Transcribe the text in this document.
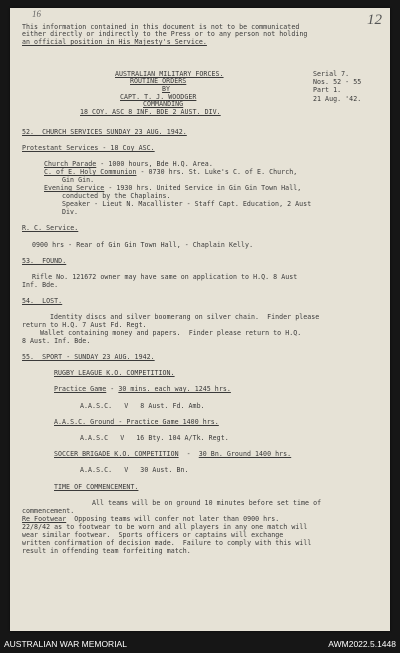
16	12
This information contained in this document is not to be communicated
either directly or indirectly to the Press or to any person not holding
an official position in His Majesty's Service.
AUSTRALIAN MILITARY FORCES.
ROUTINE ORDERS
BY
CAPT. T. J. WOODGER
COMMANDING
18 COY. ASC 8 INF. BDE 2 AUST. DIV.
Serial 7.
Nos. 52 - 55
Part 1.
21 Aug. '42.
52.  CHURCH SERVICES SUNDAY 23 AUG. 1942.
Protestant Services - 18 Coy ASC.
Church Parade - 1000 hours, Bde H.Q. Area.
C. of E. Holy Communion - 0730 hrs. St. Luke's C. of E. Church,
Gin Gin.
Evening Service - 1930 hrs. United Service in Gin Gin Town Hall,
conducted by the Chaplains.
Speaker - Lieut N. Macallister - Staff Capt. Education, 2 Aust
Div.
R. C. Service.
0900 hrs - Rear of Gin Gin Town Hall, - Chaplain Kelly.
53.  FOUND.
Rifle No. 121672 owner may have same on application to H.Q. 8 Aust
Inf. Bde.
54.  LOST.
Identity discs and silver boomerang on silver chain.  Finder please
return to H.Q. 7 Aust Fd. Regt.
Wallet containing money and papers.  Finder please return to H.Q.
8 Aust. Inf. Bde.
55.  SPORT - SUNDAY 23 AUG. 1942.
RUGBY LEAGUE K.O. COMPETITION.
Practice Game - 30 mins. each way. 1245 hrs.
A.A.S.C.   V   8 Aust. Fd. Amb.
A.A.S.C. Ground - Practice Game 1400 hrs.
A.A.S.C   V   16 Bty. 104 A/Tk. Regt.
SOCCER BRIGADE K.O. COMPETITION  -  30 Bn. Ground 1400 hrs.
A.A.S.C.   V   30 Aust. Bn.
TIME OF COMMENCEMENT.
All teams will be on ground 10 minutes before set time of
commencement.
Re Footwear  Opposing teams will confer not later than 0900 hrs.
22/8/42 as to footwear to be worn and all players in any one match will
wear similar footwear.  Sports officers or captains will exchange
written confirmation of decision made.  Failure to comply with this will
result in offending team forfeiting match.
AUSTRALIAN WAR MEMORIAL	AWM2022.5.1448
